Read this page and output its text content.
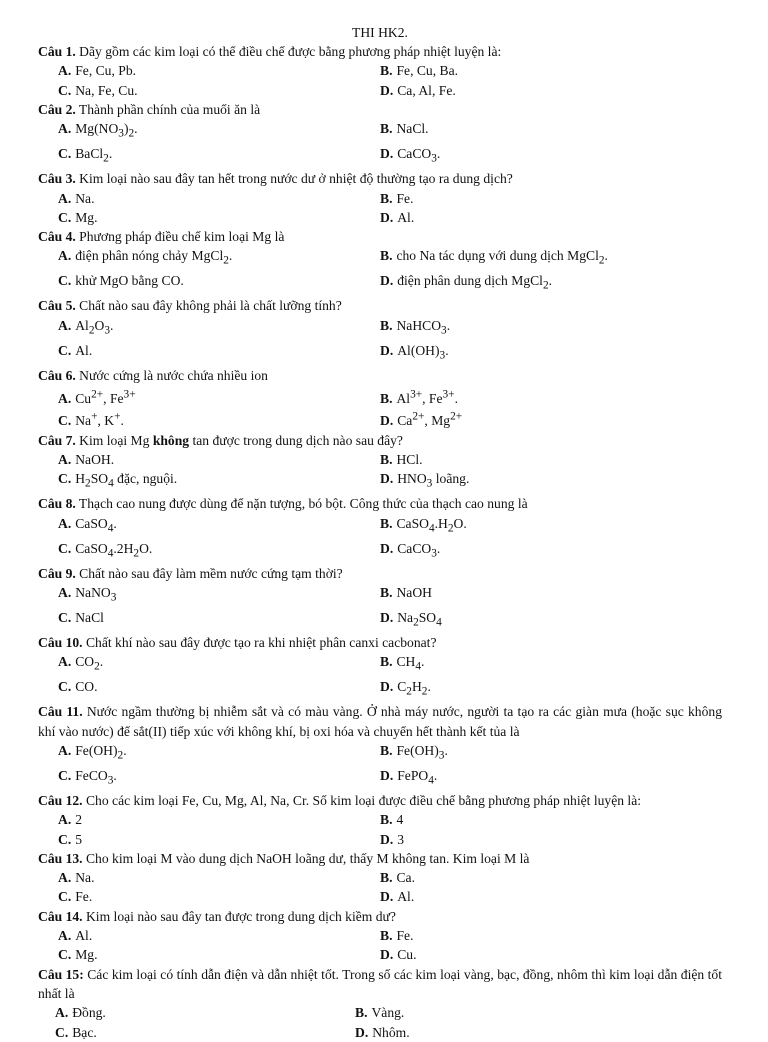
THI HK2.
Câu 1. Dãy gồm các kim loại có thể điều chế được bằng phương pháp nhiệt luyện là:
A. Fe, Cu, Pb.	B. Fe, Cu, Ba.
C. Na, Fe, Cu.	D. Ca, Al, Fe.
Câu 2. Thành phần chính của muối ăn là
A. $Mg(NO_3)_2$.	B. NaCl.
C. BaCl$_2$.	D. CaCO$_3$.
Câu 3. Kim loại nào sau đây tan hết trong nước dư ở nhiệt độ thường tạo ra dung dịch?
A. Na.	B. Fe.
C. Mg.	D. Al.
Câu 4. Phương pháp điều chế kim loại Mg là
A. điện phân nóng chảy MgCl$_2$.	B. cho Na tác dụng với dung dịch MgCl$_2$.
C. khử MgO bằng CO.	D. điện phân dung dịch MgCl$_2$.
Câu 5. Chất nào sau đây không phải là chất lưỡng tính?
A. $Al_2O_3$.	B. NaHCO$_3$.
C. Al.	D. $Al(OH)_3$.
Câu 6. Nước cứng là nước chứa nhiều ion
A. $Cu^{2+}$, $Fe^{3+}$	B. $Al^{3+}$, $Fe^{3+}$.
C. Na+, K+.	D. $Ca^{2+}$, $Mg^{2+}$
Câu 7. Kim loại Mg không tan được trong dung dịch nào sau đây?
A. NaOH.	B. HCl.
C. $H_2SO_4$ đặc, nguội.	D. $HNO_3$ loãng.
Câu 8. Thạch cao nung được dùng để nặn tượng, bó bột. Công thức của thạch cao nung là
A. CaSO$_4$.	B. $CaSO_4.H_2O$.
C. $CaSO_4.2H_2O$.	D. CaCO$_3$.
Câu 9. Chất nào sau đây làm mềm nước cứng tạm thời?
A. NaNO$_3$	B. NaOH
C. NaCl	D. $Na_2SO_4$
Câu 10. Chất khí nào sau đây được tạo ra khi nhiệt phân canxi cacbonat?
A. $CO_2$.	B. $CH_4$.
C. CO.	D. $C_2H_2$.
Câu 11. Nước ngầm thường bị nhiễm sắt và có màu vàng. Ở nhà máy nước, người ta tạo ra các giàn mưa (hoặc sục không khí vào nước) để sắt(II) tiếp xúc với không khí, bị oxi hóa và chuyển hết thành kết tủa là
A. $Fe(OH)_2$.	B. $Fe(OH)_3$.
C. FeCO$_3$.	D. FePO$_4$.
Câu 12. Cho các kim loại Fe, Cu, Mg, Al, Na, Cr. Số kim loại được điều chế bằng phương pháp nhiệt luyện là:
A. 2	B. 4
C. 5	D. 3
Câu 13. Cho kim loại M vào dung dịch NaOH loãng dư, thấy M không tan. Kim loại M là
A. Na.	B. Ca.
C. Fe.	D. Al.
Câu 14. Kim loại nào sau đây tan được trong dung dịch kiềm dư?
A. Al.	B. Fe.
C. Mg.	D. Cu.
Câu 15: Các kim loại có tính dẫn điện và dẫn nhiệt tốt. Trong số các kim loại vàng, bạc, đồng, nhôm thì kim loại dẫn điện tốt nhất là
A. Đồng.	B. Vàng.
C. Bạc.	D. Nhôm.
